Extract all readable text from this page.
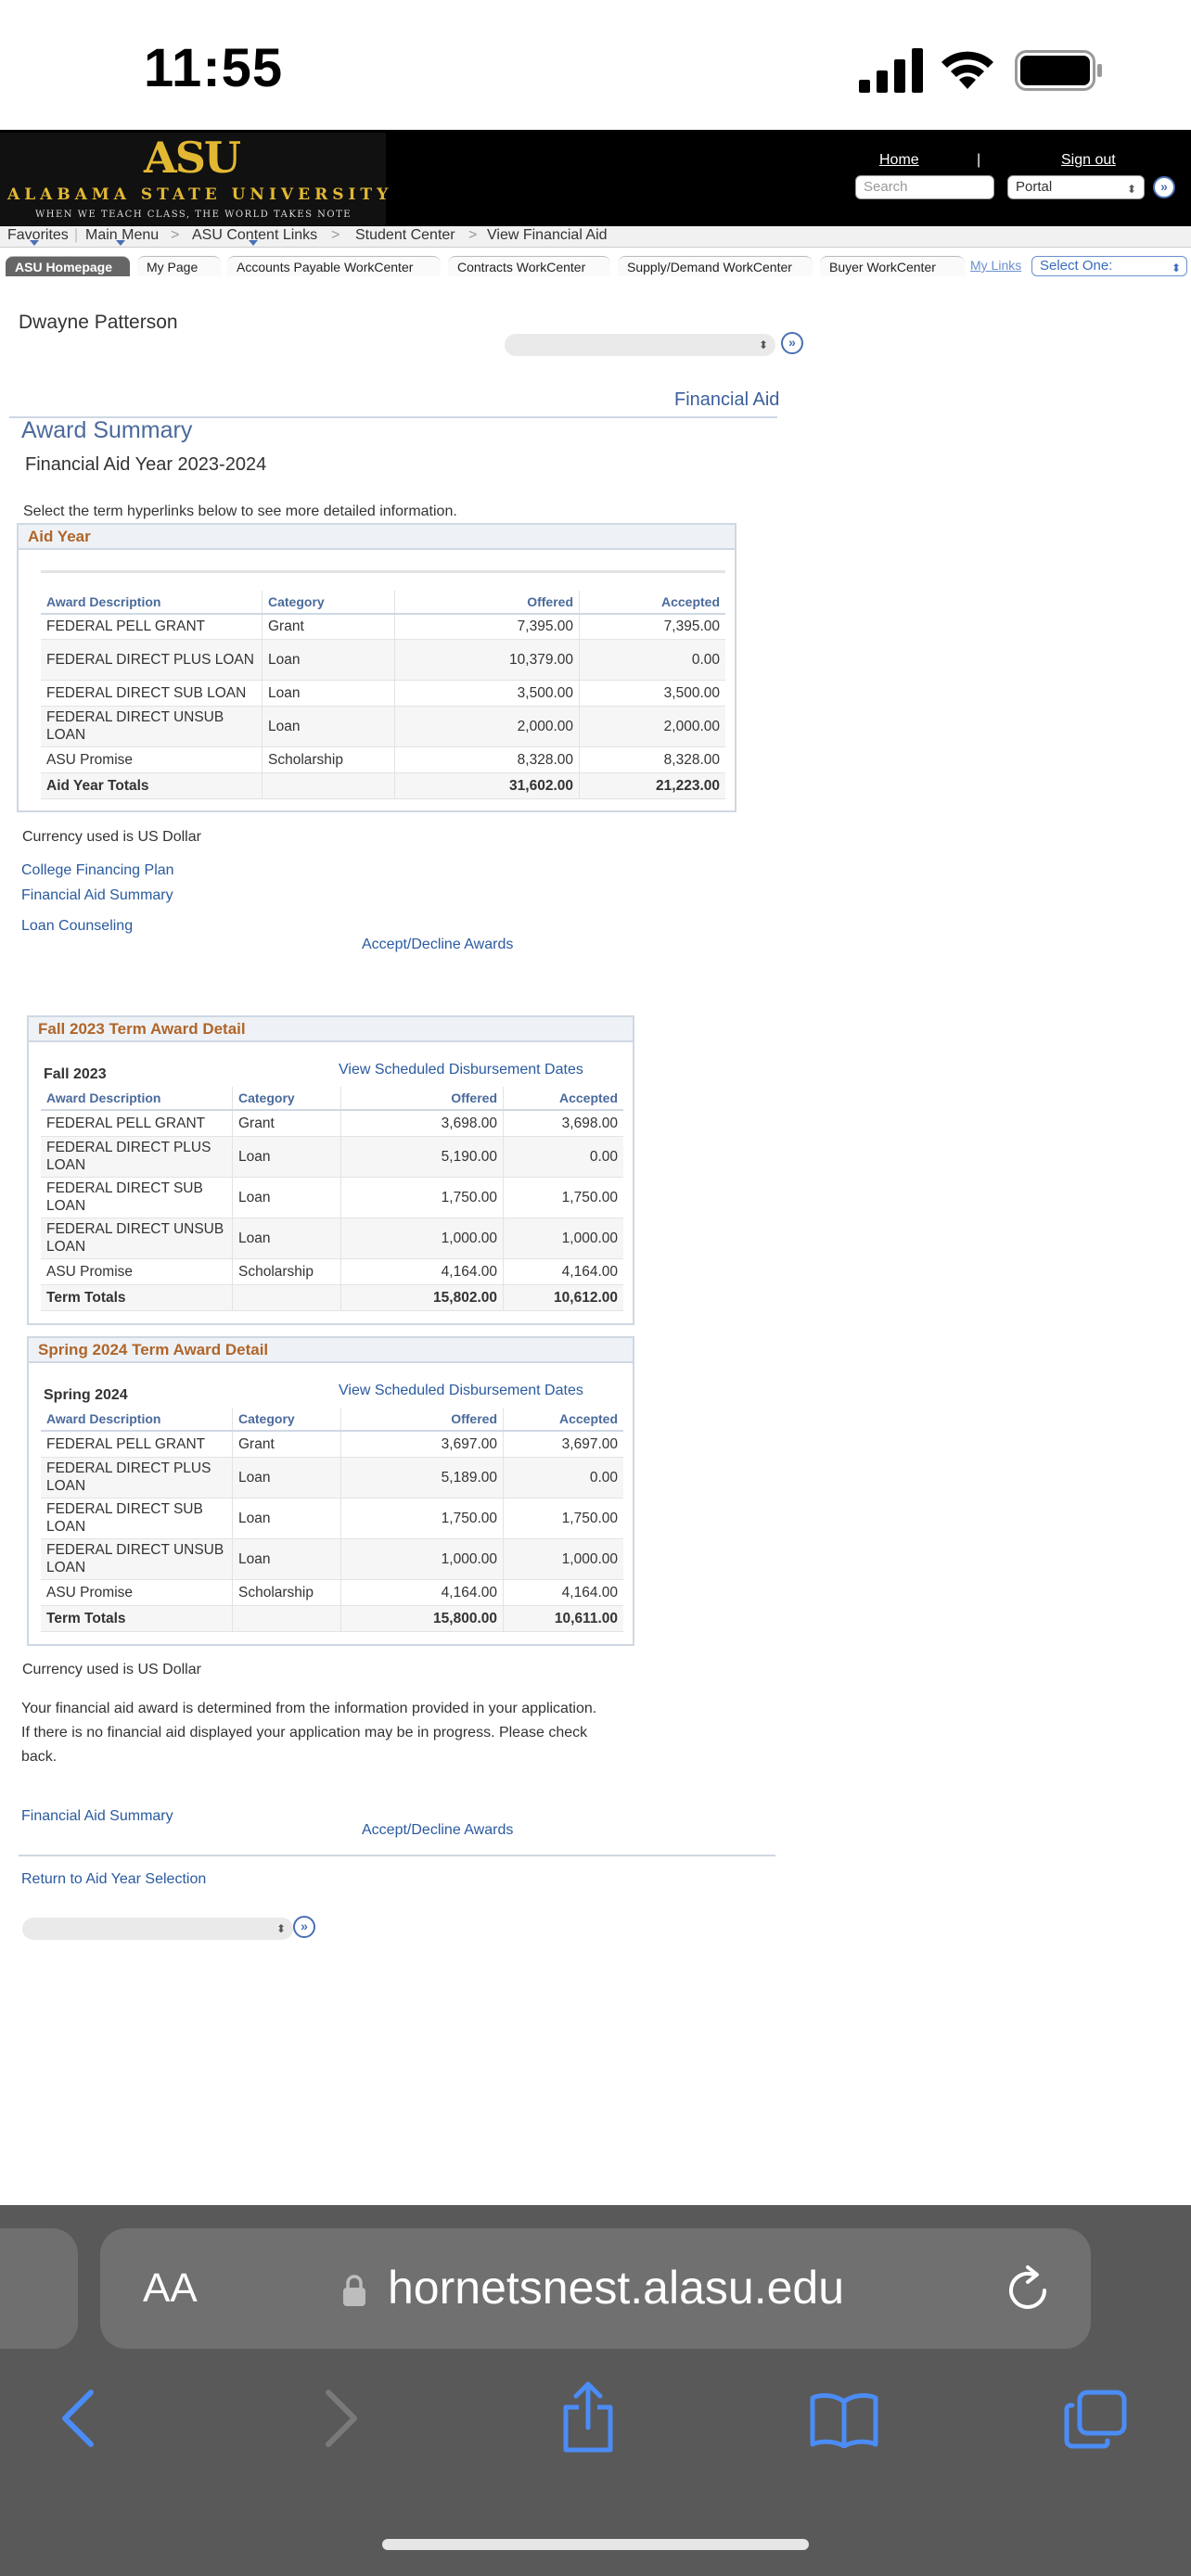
11:55
ASU
ALABAMA STATE UNIVERSITY
WHEN WE TEACH CLASS, THE WORLD TAKES NOTE
Home	|	Sign out
Search	Portal	⬍	»
Favorites | Main Menu > ASU Content Links > Student Center > View Financial Aid
ASU Homepage	My Page	Accounts Payable WorkCenter	Contracts WorkCenter	Supply/Demand WorkCenter	Buyer WorkCenter	My Links	Select One:	⬍
Dwayne Patterson
⬍	»
Financial Aid
Award Summary
Financial Aid Year 2023-2024
Select the term hyperlinks below to see more detailed information.
Aid Year
Award Description	Category	Offered	Accepted
FEDERAL PELL GRANT	Grant	7,395.00	7,395.00
FEDERAL DIRECT PLUS LOAN	Loan	10,379.00	0.00
FEDERAL DIRECT SUB LOAN	Loan	3,500.00	3,500.00
FEDERAL DIRECT UNSUB LOAN	Loan	2,000.00	2,000.00
ASU Promise	Scholarship	8,328.00	8,328.00
Aid Year Totals		31,602.00	21,223.00
Currency used is US Dollar
College Financing Plan
Financial Aid Summary
Loan Counseling
Accept/Decline Awards
Fall 2023 Term Award Detail
Fall 2023	View Scheduled Disbursement Dates
Award Description	Category	Offered	Accepted
FEDERAL PELL GRANT	Grant	3,698.00	3,698.00
FEDERAL DIRECT PLUS LOAN	Loan	5,190.00	0.00
FEDERAL DIRECT SUB LOAN	Loan	1,750.00	1,750.00
FEDERAL DIRECT UNSUB LOAN	Loan	1,000.00	1,000.00
ASU Promise	Scholarship	4,164.00	4,164.00
Term Totals		15,802.00	10,612.00
Spring 2024 Term Award Detail
Spring 2024	View Scheduled Disbursement Dates
Award Description	Category	Offered	Accepted
FEDERAL PELL GRANT	Grant	3,697.00	3,697.00
FEDERAL DIRECT PLUS LOAN	Loan	5,189.00	0.00
FEDERAL DIRECT SUB LOAN	Loan	1,750.00	1,750.00
FEDERAL DIRECT UNSUB LOAN	Loan	1,000.00	1,000.00
ASU Promise	Scholarship	4,164.00	4,164.00
Term Totals		15,800.00	10,611.00
Currency used is US Dollar
Your financial aid award is determined from the information provided in your application. If there is no financial aid displayed your application may be in progress. Please check back.
Financial Aid Summary
Accept/Decline Awards
Return to Aid Year Selection
⬍	»
AA	hornetsnest.alasu.edu
